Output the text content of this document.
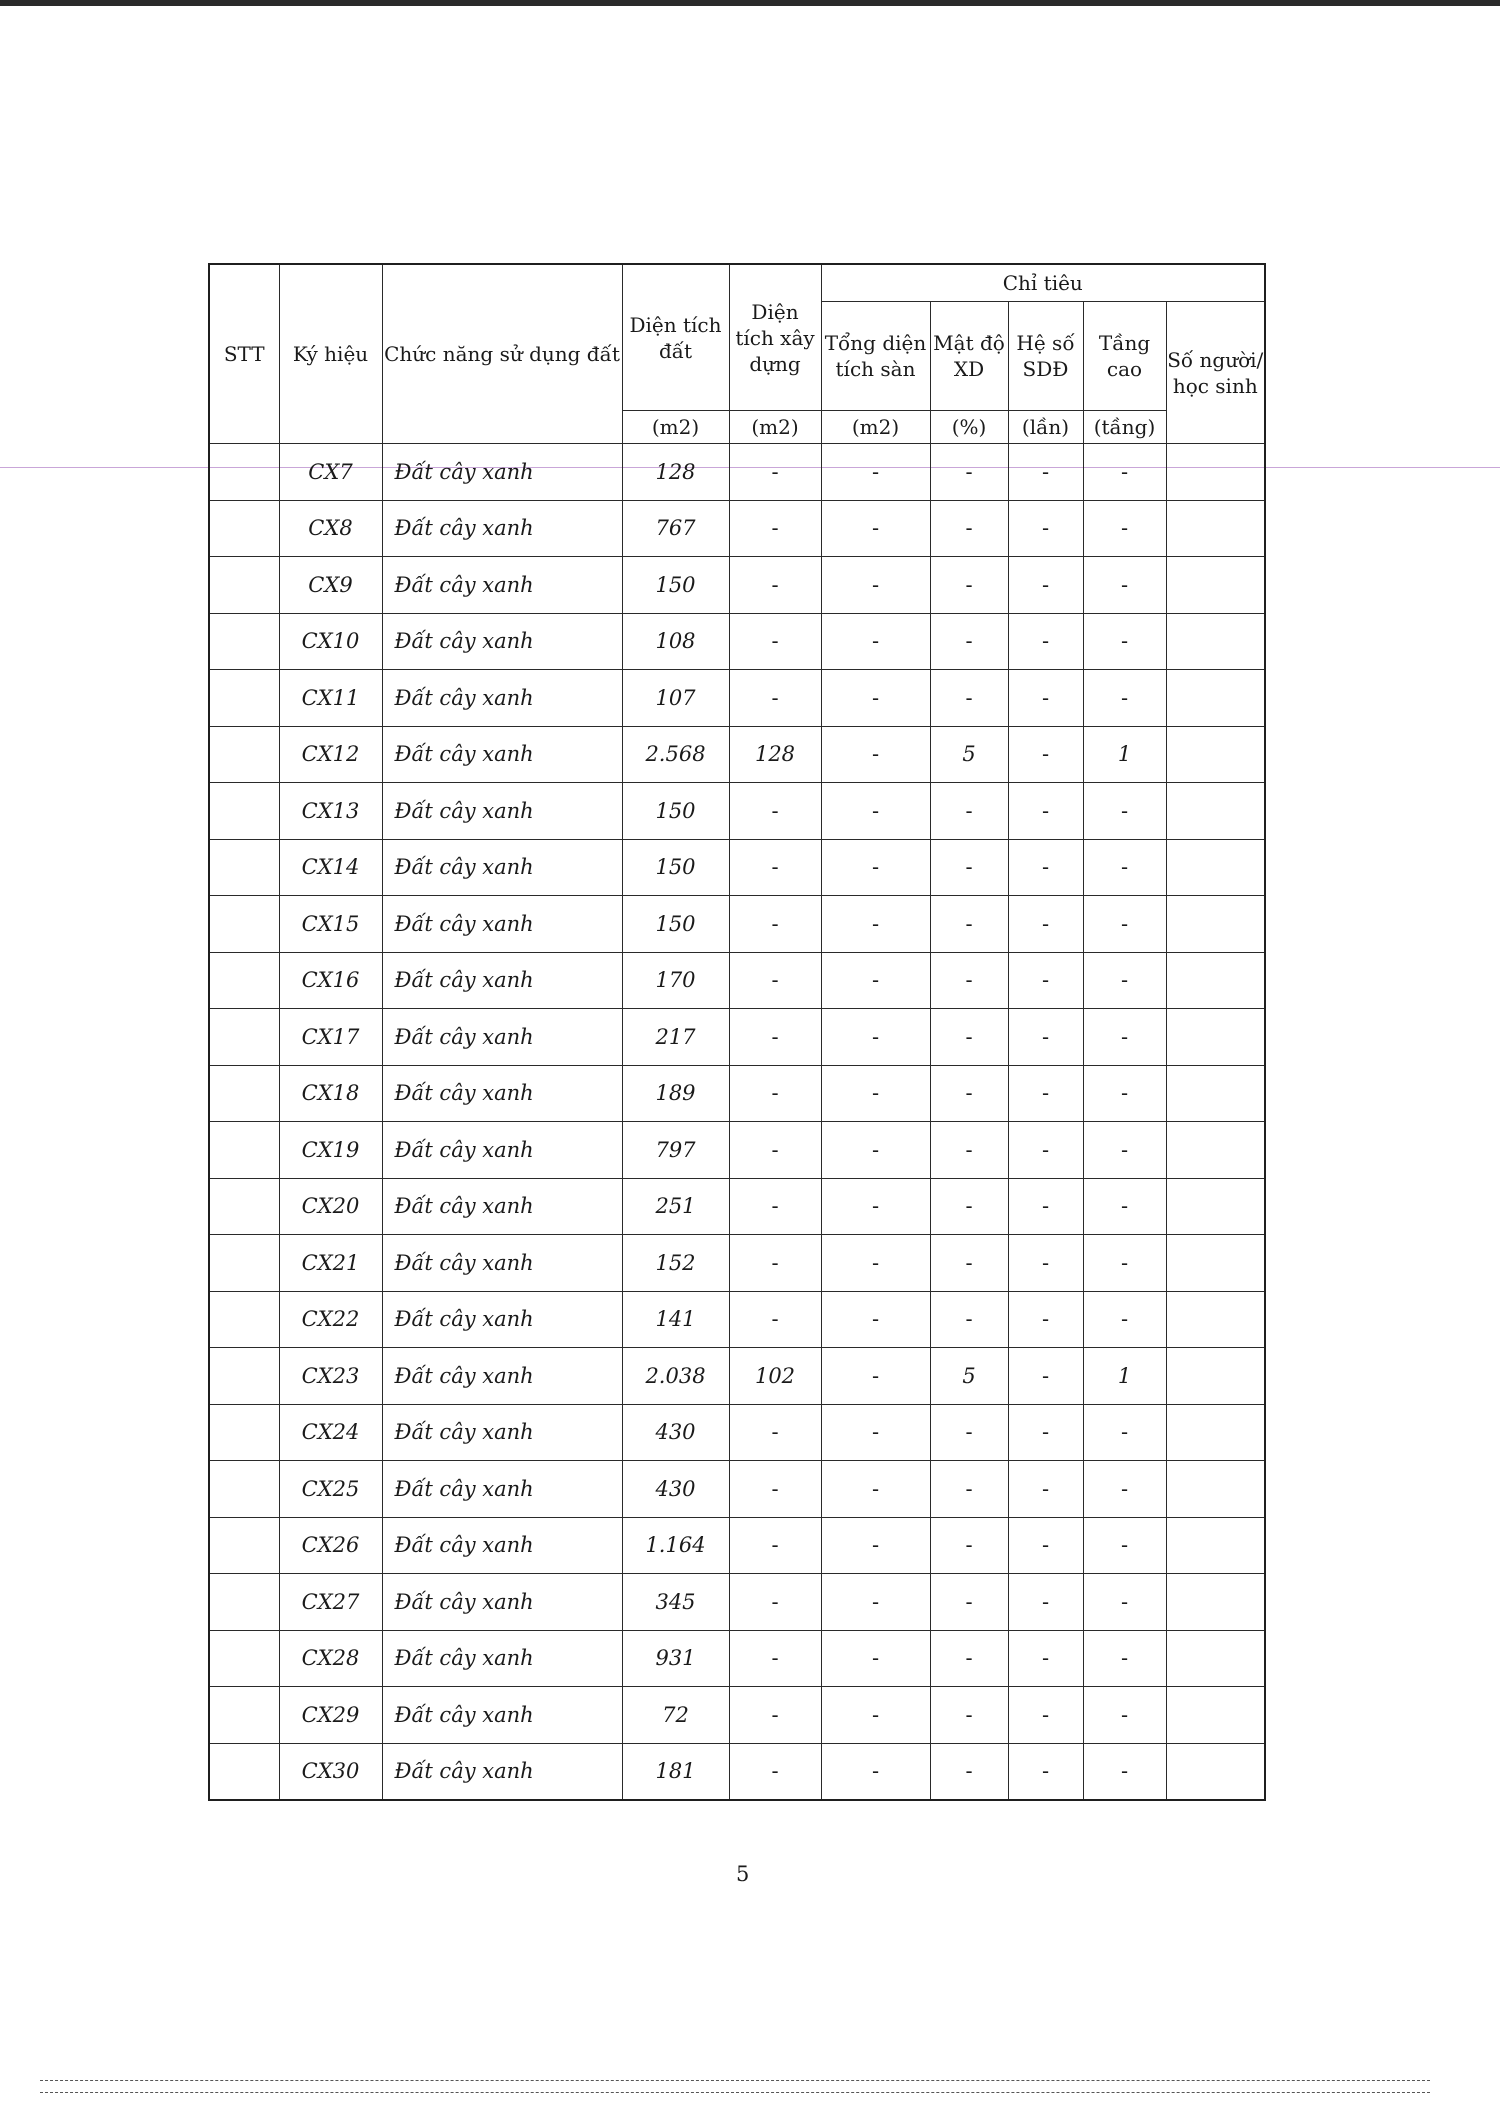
STT	Ký hiệu	Chức năng sử dụng đất	Diện tích đất	Diện tích xây dựng	Chỉ tiêu				
					Tổng diện tích sàn	Mật độ XD	Hệ số SDĐ	Tầng cao	Số người/ học sinh
			(m2)	(m2)	(m2)	(%)	(lần)	(tầng)	
	CX7	Đất cây xanh	128	-	-	-	-	-	
	CX8	Đất cây xanh	767	-	-	-	-	-	
	CX9	Đất cây xanh	150	-	-	-	-	-	
	CX10	Đất cây xanh	108	-	-	-	-	-	
	CX11	Đất cây xanh	107	-	-	-	-	-	
	CX12	Đất cây xanh	2.568	128	-	5	-	1	
	CX13	Đất cây xanh	150	-	-	-	-	-	
	CX14	Đất cây xanh	150	-	-	-	-	-	
	CX15	Đất cây xanh	150	-	-	-	-	-	
	CX16	Đất cây xanh	170	-	-	-	-	-	
	CX17	Đất cây xanh	217	-	-	-	-	-	
	CX18	Đất cây xanh	189	-	-	-	-	-	
	CX19	Đất cây xanh	797	-	-	-	-	-	
	CX20	Đất cây xanh	251	-	-	-	-	-	
	CX21	Đất cây xanh	152	-	-	-	-	-	
	CX22	Đất cây xanh	141	-	-	-	-	-	
	CX23	Đất cây xanh	2.038	102	-	5	-	1	
	CX24	Đất cây xanh	430	-	-	-	-	-	
	CX25	Đất cây xanh	430	-	-	-	-	-	
	CX26	Đất cây xanh	1.164	-	-	-	-	-	
	CX27	Đất cây xanh	345	-	-	-	-	-	
	CX28	Đất cây xanh	931	-	-	-	-	-	
	CX29	Đất cây xanh	72	-	-	-	-	-	
	CX30	Đất cây xanh	181	-	-	-	-	-	
5
